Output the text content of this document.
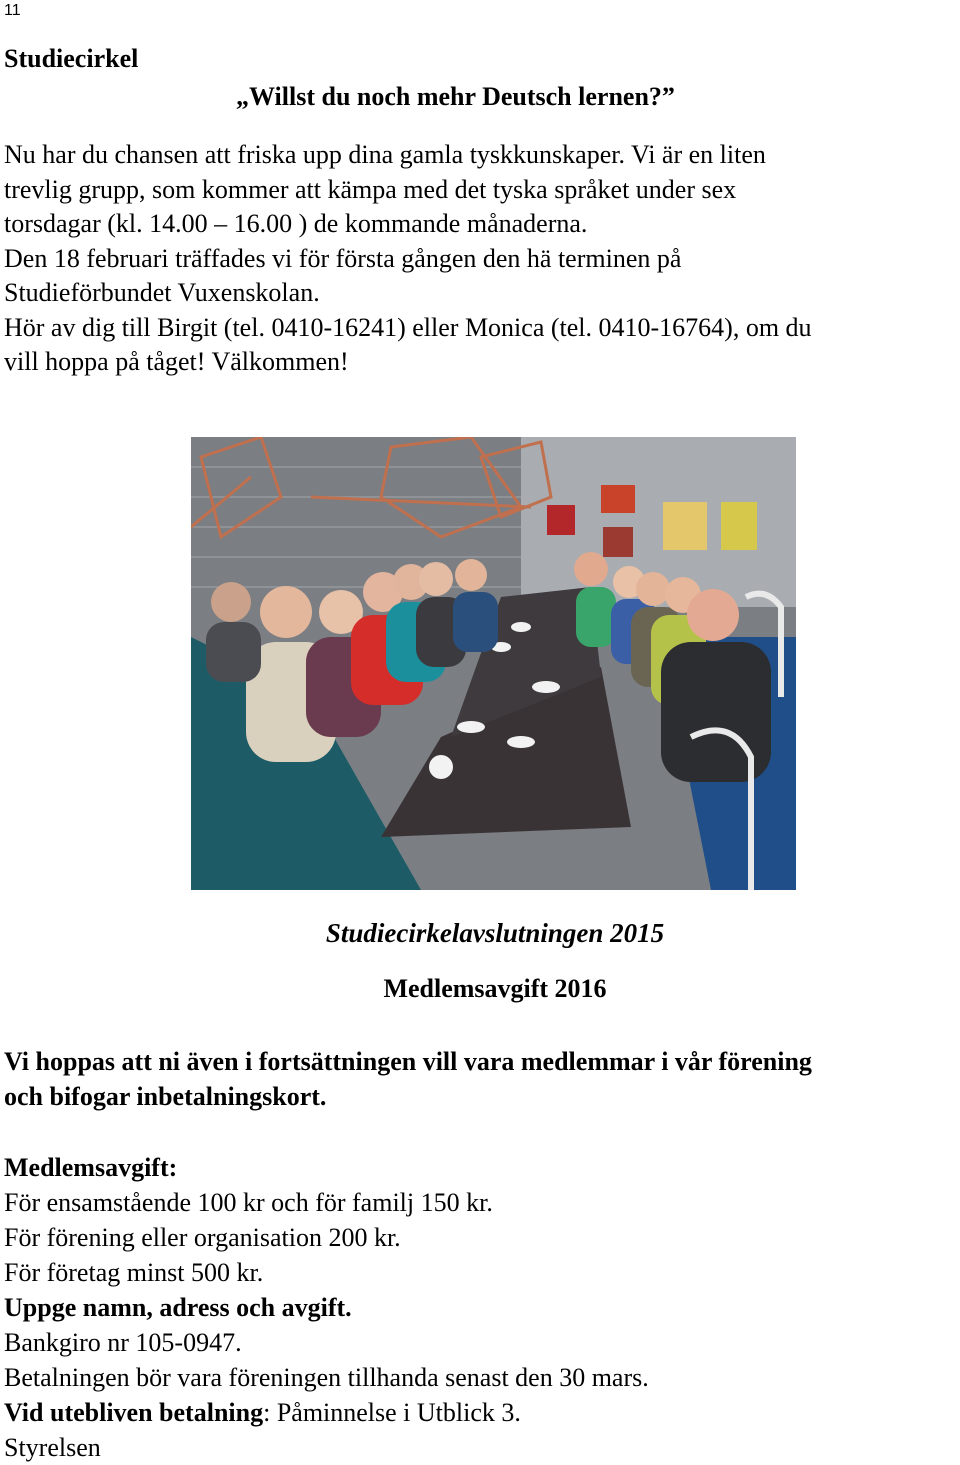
11
Studiecirkel
„Willst du noch mehr Deutsch lernen?”
Nu har du chansen att friska upp dina gamla tyskkunskaper. Vi är en liten
trevlig grupp, som kommer att kämpa med det tyska språket under sex
torsdagar (kl. 14.00 – 16.00 ) de kommande månaderna.
Den 18 februari träffades vi för första gången den hä terminen på
Studieförbundet Vuxenskolan.
Hör av dig till Birgit (tel. 0410-16241) eller Monica (tel. 0410-16764), om du
vill hoppa på tåget! Välkommen!
Studiecirkelavslutningen 2015
Medlemsavgift 2016
Vi hoppas att ni även i fortsättningen vill vara medlemmar i vår förening
och bifogar inbetalningskort.
Medlemsavgift:
För ensamstående 100 kr och för familj 150 kr.
För förening eller organisation 200 kr.
För företag minst 500 kr.
Uppge namn, adress och avgift.
Bankgiro nr 105-0947.
Betalningen bör vara föreningen tillhanda senast den 30 mars.
Vid utebliven betalning: Påminnelse i Utblick 3.
Styrelsen
